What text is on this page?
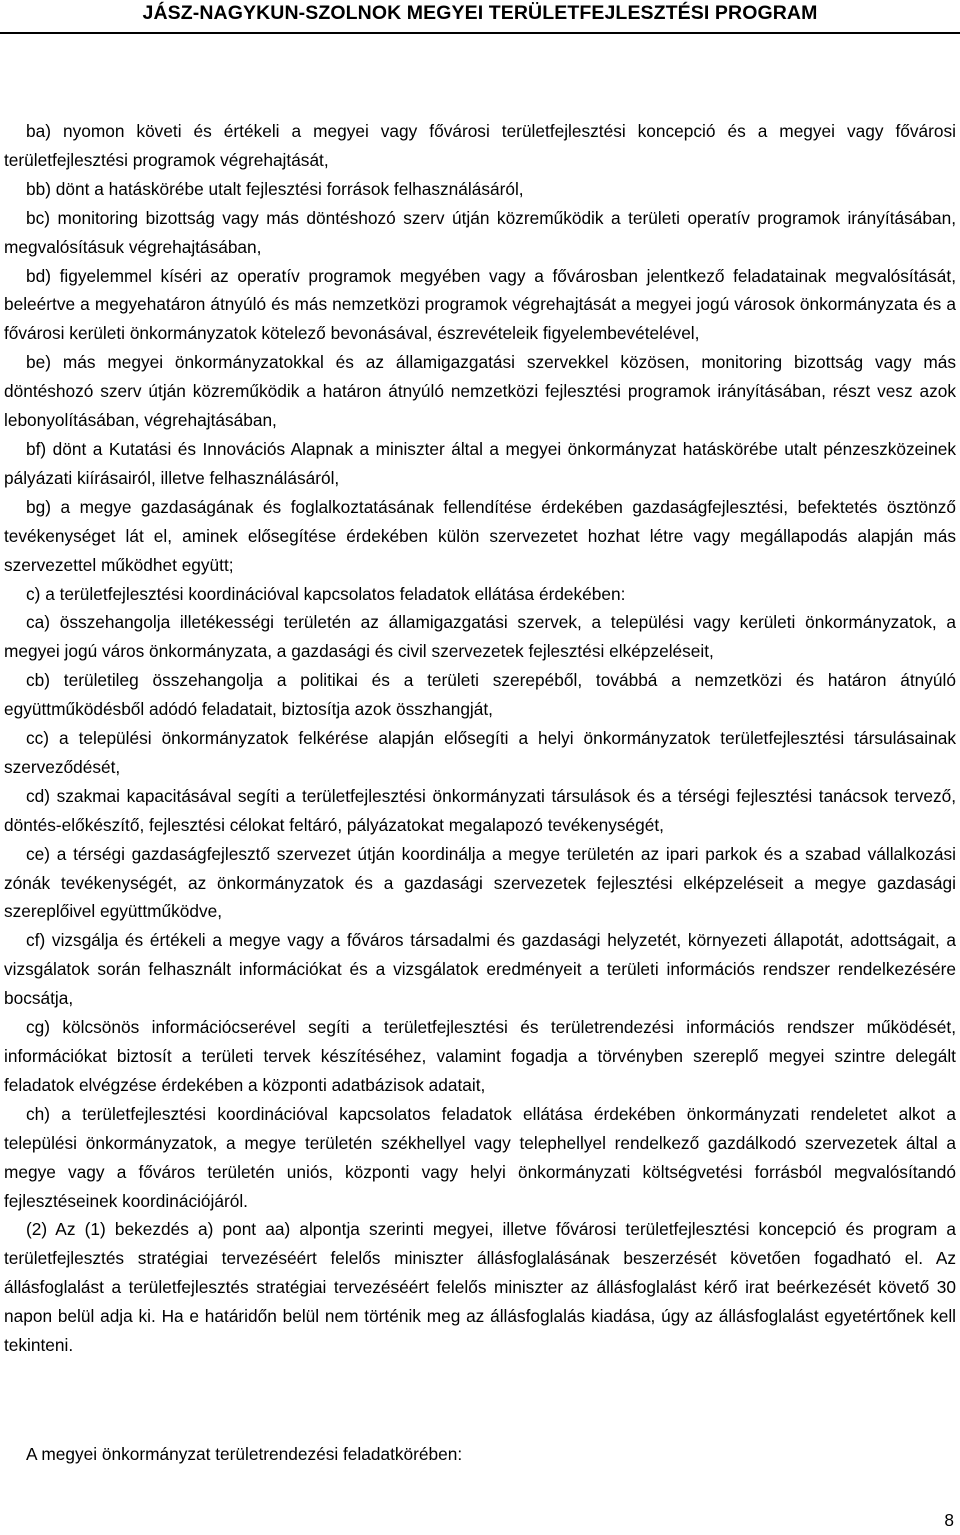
JÁSZ-NAGYKUN-SZOLNOK MEGYEI TERÜLETFEJLESZTÉSI PROGRAM

ba) nyomon követi és értékeli a megyei vagy fővárosi területfejlesztési koncepció és a megyei vagy fővárosi területfejlesztési programok végrehajtását,

bb) dönt a hatáskörébe utalt fejlesztési források felhasználásáról,

bc) monitoring bizottság vagy más döntéshozó szerv útján közreműködik a területi operatív programok irányításában, megvalósításuk végrehajtásában,

bd) figyelemmel kíséri az operatív programok megyében vagy a fővárosban jelentkező feladatainak megvalósítását, beleértve a megyehatáron átnyúló és más nemzetközi programok végrehajtását a megyei jogú városok önkormányzata és a fővárosi kerületi önkormányzatok kötelező bevonásával, észrevételeik figyelembevételével,

be) más megyei önkormányzatokkal és az államigazgatási szervekkel közösen, monitoring bizottság vagy más döntéshozó szerv útján közreműködik a határon átnyúló nemzetközi fejlesztési programok irányításában, részt vesz azok lebonyolításában, végrehajtásában,

bf) dönt a Kutatási és Innovációs Alapnak a miniszter által a megyei önkormányzat hatáskörébe utalt pénzeszközeinek pályázati kiírásairól, illetve felhasználásáról,

bg) a megye gazdaságának és foglalkoztatásának fellendítése érdekében gazdaságfejlesztési, befektetés ösztönző tevékenységet lát el, aminek elősegítése érdekében külön szervezetet hozhat létre vagy megállapodás alapján más szervezettel működhet együtt;

c) a területfejlesztési koordinációval kapcsolatos feladatok ellátása érdekében:

ca) összehangolja illetékességi területén az államigazgatási szervek, a települési vagy kerületi önkormányzatok, a megyei jogú város önkormányzata, a gazdasági és civil szervezetek fejlesztési elképzeléseit,

cb) területileg összehangolja a politikai és a területi szerepéből, továbbá a nemzetközi és határon átnyúló együttműködésből adódó feladatait, biztosítja azok összhangját,

cc) a települési önkormányzatok felkérése alapján elősegíti a helyi önkormányzatok területfejlesztési társulásainak szerveződését,

cd) szakmai kapacitásával segíti a területfejlesztési önkormányzati társulások és a térségi fejlesztési tanácsok tervező, döntés-előkészítő, fejlesztési célokat feltáró, pályázatokat megalapozó tevékenységét,

ce) a térségi gazdaságfejlesztő szervezet útján koordinálja a megye területén az ipari parkok és a szabad vállalkozási zónák tevékenységét, az önkormányzatok és a gazdasági szervezetek fejlesztési elképzeléseit a megye gazdasági szereplőivel együttműködve,

cf) vizsgálja és értékeli a megye vagy a főváros társadalmi és gazdasági helyzetét, környezeti állapotát, adottságait, a vizsgálatok során felhasznált információkat és a vizsgálatok eredményeit a területi információs rendszer rendelkezésére bocsátja,

cg) kölcsönös információcserével segíti a területfejlesztési és területrendezési információs rendszer működését, információkat biztosít a területi tervek készítéséhez, valamint fogadja a törvényben szereplő megyei szintre delegált feladatok elvégzése érdekében a központi adatbázisok adatait,

ch) a területfejlesztési koordinációval kapcsolatos feladatok ellátása érdekében önkormányzati rendeletet alkot a települési önkormányzatok, a megye területén székhellyel vagy telephellyel rendelkező gazdálkodó szervezetek által a megye vagy a főváros területén uniós, központi vagy helyi önkormányzati költségvetési forrásból megvalósítandó fejlesztéseinek koordinációjáról.

(2) Az (1) bekezdés a) pont aa) alpontja szerinti megyei, illetve fővárosi területfejlesztési koncepció és program a területfejlesztés stratégiai tervezéséért felelős miniszter állásfoglalásának beszerzését követően fogadható el. Az állásfoglalást a területfejlesztés stratégiai tervezéséért felelős miniszter az állásfoglalást kérő irat beérkezését követő 30 napon belül adja ki. Ha e határidőn belül nem történik meg az állásfoglalás kiadása, úgy az állásfoglalást egyetértőnek kell tekinteni.

A megyei önkormányzat területrendezési feladatkörében:
8
